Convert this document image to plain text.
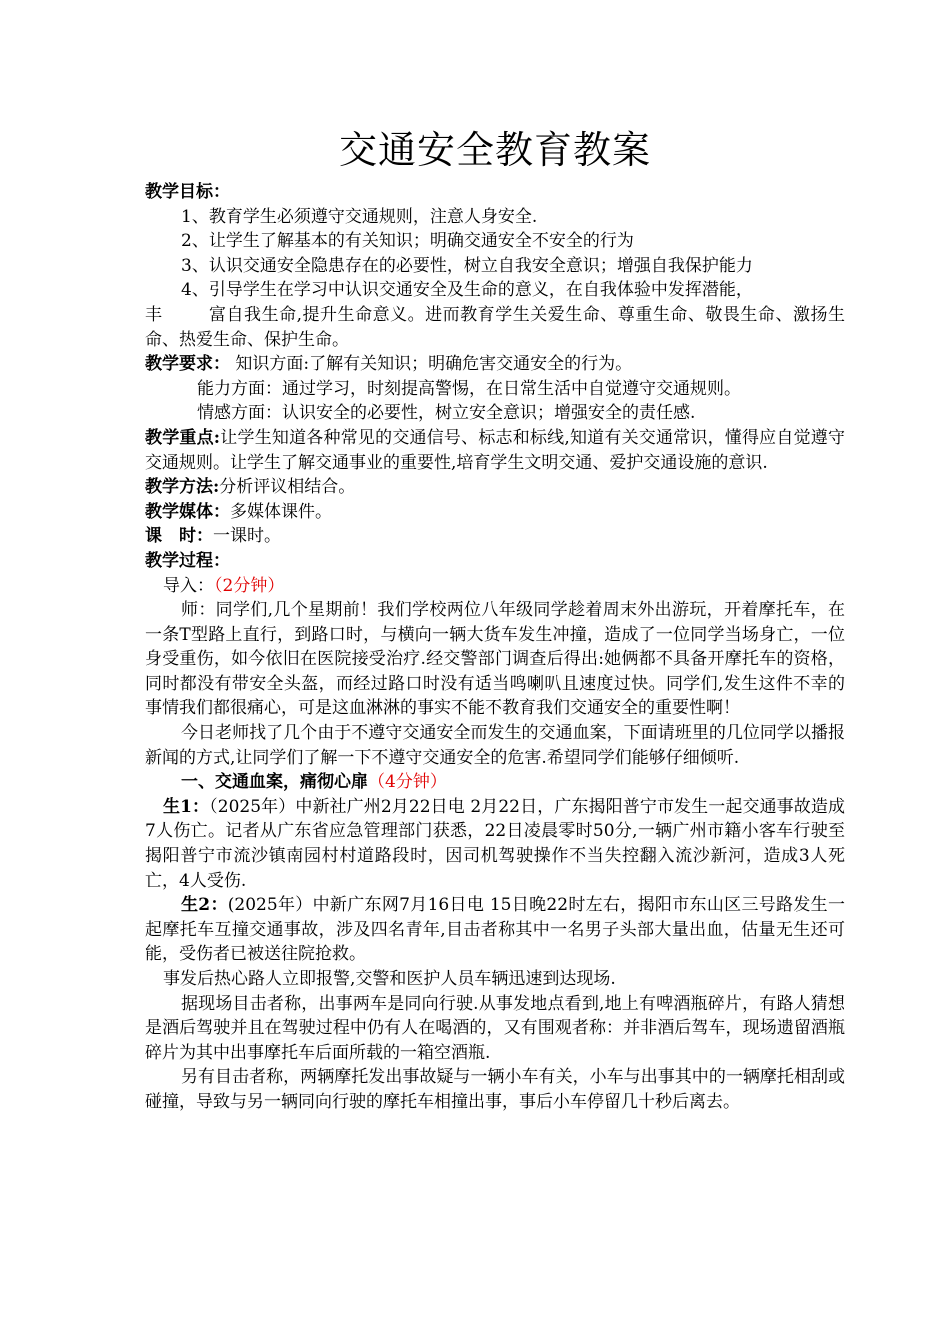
交通安全教育教案

教学目标：

1、教育学生必须遵守交通规则，注意人身安全.

2、让学生了解基本的有关知识；明确交通安全不安全的行为

3、认识交通安全隐患存在的必要性，树立自我安全意识；增强自我保护能力

4、引导学生在学习中认识交通安全及生命的意义，在自我体验中发挥潜能，

丰	富自我生命,提升生命意义。进而教育学生关爱生命、尊重生命、敬畏生命、激扬生命、热爱生命、保护生命。

教学要求： 知识方面:了解有关知识；明确危害交通安全的行为。

能力方面：通过学习，时刻提高警惕，在日常生活中自觉遵守交通规则。

情感方面：认识安全的必要性，树立安全意识；增强安全的责任感.

教学重点:让学生知道各种常见的交通信号、标志和标线,知道有关交通常识，懂得应自觉遵守交通规则。让学生了解交通事业的重要性,培育学生文明交通、爱护交通设施的意识.

教学方法:分析评议相结合。

教学媒体：多媒体课件。

课　时：一课时。

教学过程：

导入：（2分钟）

师：同学们,几个星期前！我们学校两位八年级同学趁着周末外出游玩，开着摩托车，在一条T型路上直行，到路口时，与横向一辆大货车发生冲撞，造成了一位同学当场身亡，一位身受重伤，如今依旧在医院接受治疗.经交警部门调查后得出:她俩都不具备开摩托车的资格，同时都没有带安全头盔，而经过路口时没有适当鸣喇叭且速度过快。同学们,发生这件不幸的事情我们都很痛心，可是这血淋淋的事实不能不教育我们交通安全的重要性啊！

今日老师找了几个由于不遵守交通安全而发生的交通血案，下面请班里的几位同学以播报新闻的方式,让同学们了解一下不遵守交通安全的危害.希望同学们能够仔细倾听.

一、交通血案，痛彻心扉（4分钟）

生1：（2025年）中新社广州2月22日电 2月22日，广东揭阳普宁市发生一起交通事故造成7人伤亡。记者从广东省应急管理部门获悉，22日凌晨零时50分,一辆广州市籍小客车行驶至揭阳普宁市流沙镇南园村村道路段时，因司机驾驶操作不当失控翻入流沙新河，造成3人死亡，4人受伤.

生2：(2025年）中新广东网7月16日电 15日晚22时左右，揭阳市东山区三号路发生一起摩托车互撞交通事故，涉及四名青年,目击者称其中一名男子头部大量出血，估量无生还可能，受伤者已被送往院抢救。

事发后热心路人立即报警,交警和医护人员车辆迅速到达现场.

据现场目击者称，出事两车是同向行驶.从事发地点看到,地上有啤酒瓶碎片，有路人猜想是酒后驾驶并且在驾驶过程中仍有人在喝酒的，又有围观者称：并非酒后驾车，现场遗留酒瓶碎片为其中出事摩托车后面所载的一箱空酒瓶.

另有目击者称，两辆摩托发出事故疑与一辆小车有关，小车与出事其中的一辆摩托相刮或碰撞，导致与另一辆同向行驶的摩托车相撞出事，事后小车停留几十秒后离去。
